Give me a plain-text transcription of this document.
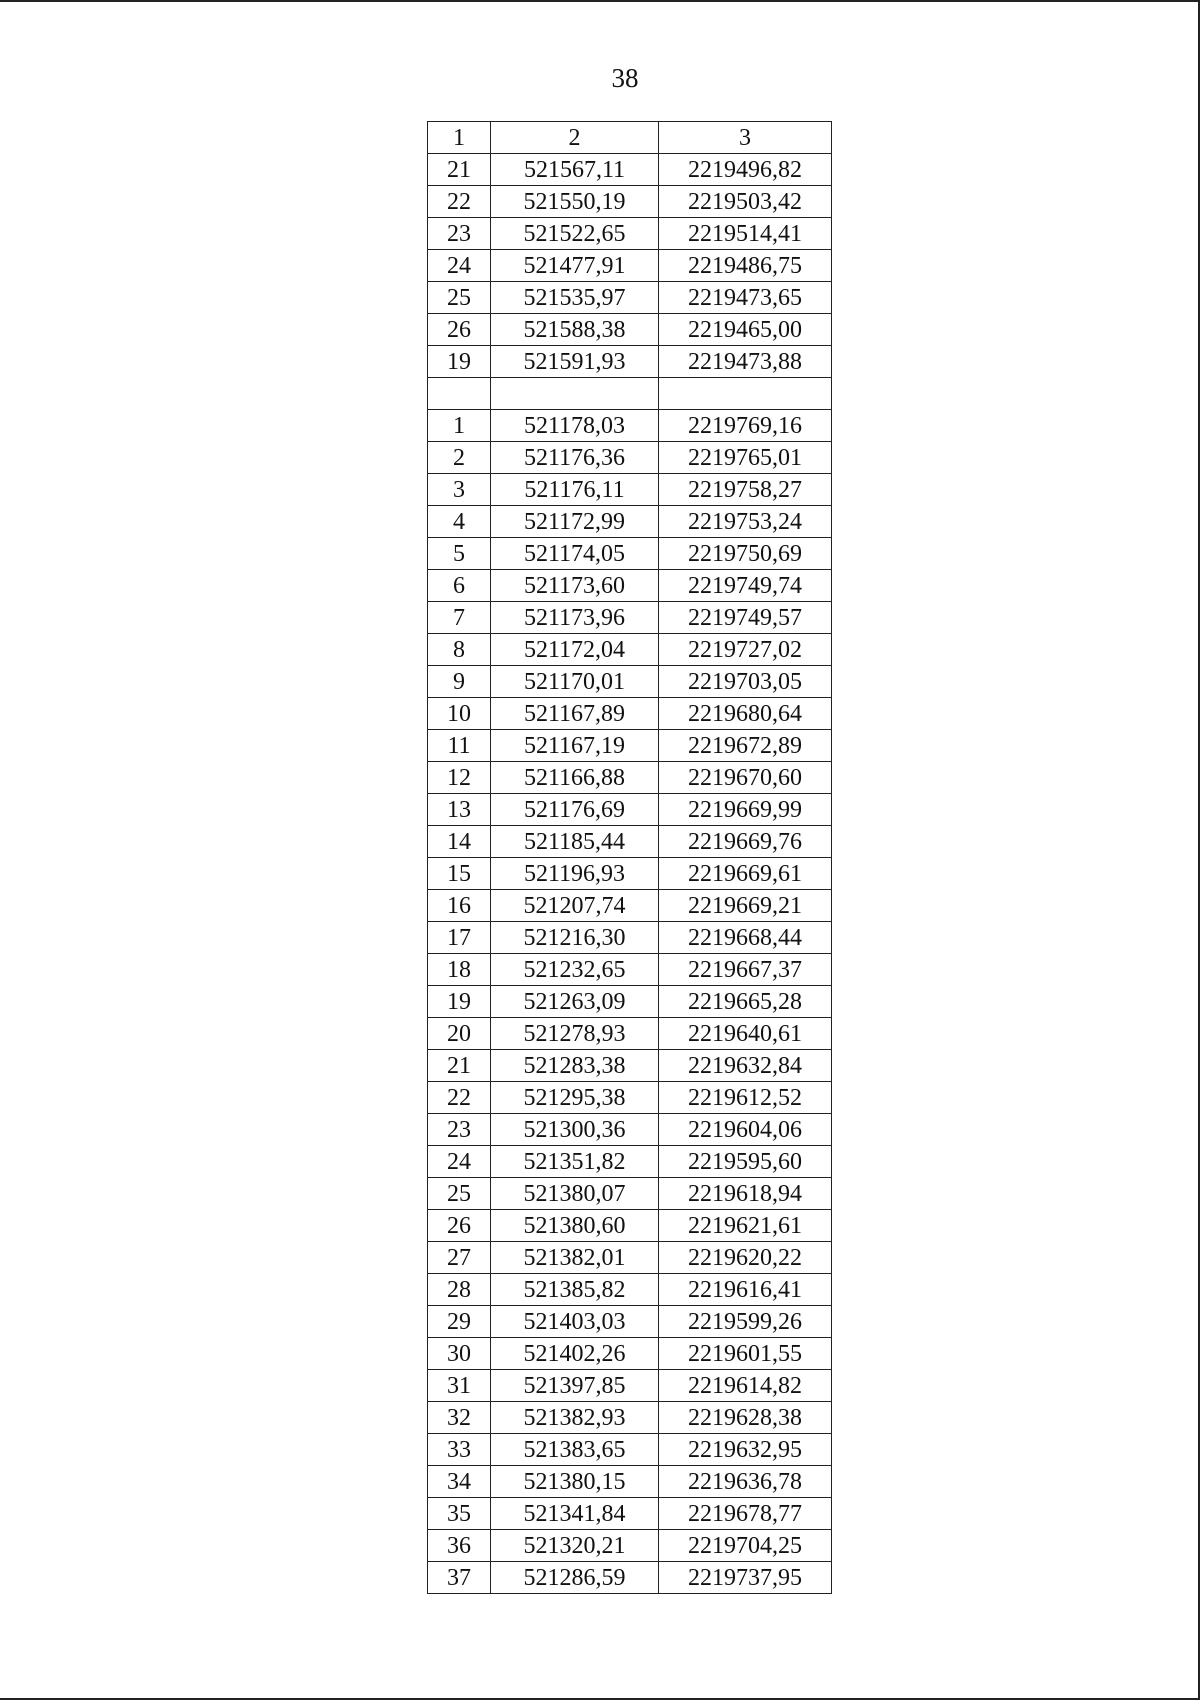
38
1	2	3
21	521567,11	2219496,82
22	521550,19	2219503,42
23	521522,65	2219514,41
24	521477,91	2219486,75
25	521535,97	2219473,65
26	521588,38	2219465,00
19	521591,93	2219473,88

1	521178,03	2219769,16
2	521176,36	2219765,01
3	521176,11	2219758,27
4	521172,99	2219753,24
5	521174,05	2219750,69
6	521173,60	2219749,74
7	521173,96	2219749,57
8	521172,04	2219727,02
9	521170,01	2219703,05
10	521167,89	2219680,64
11	521167,19	2219672,89
12	521166,88	2219670,60
13	521176,69	2219669,99
14	521185,44	2219669,76
15	521196,93	2219669,61
16	521207,74	2219669,21
17	521216,30	2219668,44
18	521232,65	2219667,37
19	521263,09	2219665,28
20	521278,93	2219640,61
21	521283,38	2219632,84
22	521295,38	2219612,52
23	521300,36	2219604,06
24	521351,82	2219595,60
25	521380,07	2219618,94
26	521380,60	2219621,61
27	521382,01	2219620,22
28	521385,82	2219616,41
29	521403,03	2219599,26
30	521402,26	2219601,55
31	521397,85	2219614,82
32	521382,93	2219628,38
33	521383,65	2219632,95
34	521380,15	2219636,78
35	521341,84	2219678,77
36	521320,21	2219704,25
37	521286,59	2219737,95
